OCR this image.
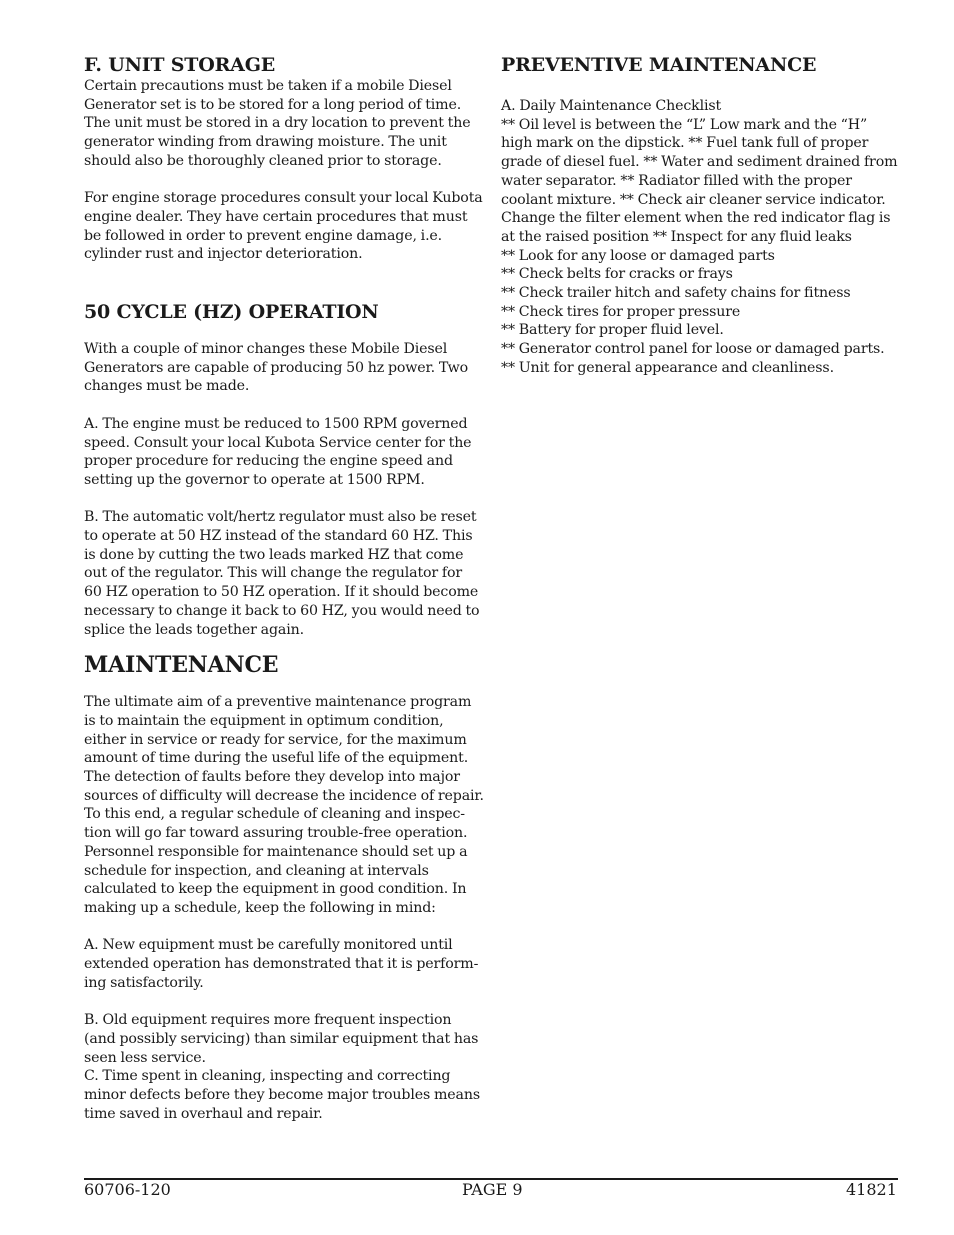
F. UNIT STORAGE
Certain precautions must be taken if a mobile Diesel
Generator set is to be stored for a long period of time.
The unit must be stored in a dry location to prevent the
generator winding from drawing moisture. The unit
should also be thoroughly cleaned prior to storage.
For engine storage procedures consult your local Kubota
engine dealer. They have certain procedures that must
be followed in order to prevent engine damage, i.e.
cylinder rust and injector deterioration.
50 CYCLE (HZ) OPERATION
With a couple of minor changes these Mobile Diesel
Generators are capable of producing 50 hz power. Two
changes must be made.
A. The engine must be reduced to 1500 RPM governed
speed. Consult your local Kubota Service center for the
proper procedure for reducing the engine speed and
setting up the governor to operate at 1500 RPM.
B. The automatic volt/hertz regulator must also be reset
to operate at 50 HZ instead of the standard 60 HZ. This
is done by cutting the two leads marked HZ that come
out of the regulator. This will change the regulator for
60 HZ operation to 50 HZ operation. If it should become
necessary to change it back to 60 HZ, you would need to
splice the leads together again.
MAINTENANCE
The ultimate aim of a preventive maintenance program
is to maintain the equipment in optimum condition,
either in service or ready for service, for the maximum
amount of time during the useful life of the equipment.
The detection of faults before they develop into major
sources of difficulty will decrease the incidence of repair.
To this end, a regular schedule of cleaning and inspec-
tion will go far toward assuring trouble-free operation.
Personnel responsible for maintenance should set up a
schedule for inspection, and cleaning at intervals
calculated to keep the equipment in good condition. In
making up a schedule, keep the following in mind:
A. New equipment must be carefully monitored until
extended operation has demonstrated that it is perform-
ing satisfactorily.
B. Old equipment requires more frequent inspection
(and possibly servicing) than similar equipment that has
seen less service.
C. Time spent in cleaning, inspecting and correcting
minor defects before they become major troubles means
time saved in overhaul and repair.
PREVENTIVE MAINTENANCE
A. Daily Maintenance Checklist
** Oil level is between the “L” Low mark and the “H”
high mark on the dipstick. ** Fuel tank full of proper
grade of diesel fuel. ** Water and sediment drained from
water separator. ** Radiator filled with the proper
coolant mixture. ** Check air cleaner service indicator.
Change the filter element when the red indicator flag is
at the raised position ** Inspect for any fluid leaks
** Look for any loose or damaged parts
** Check belts for cracks or frays
** Check trailer hitch and safety chains for fitness
** Check tires for proper pressure
** Battery for proper fluid level.
** Generator control panel for loose or damaged parts.
** Unit for general appearance and cleanliness.
60706-120	PAGE 9	41821
